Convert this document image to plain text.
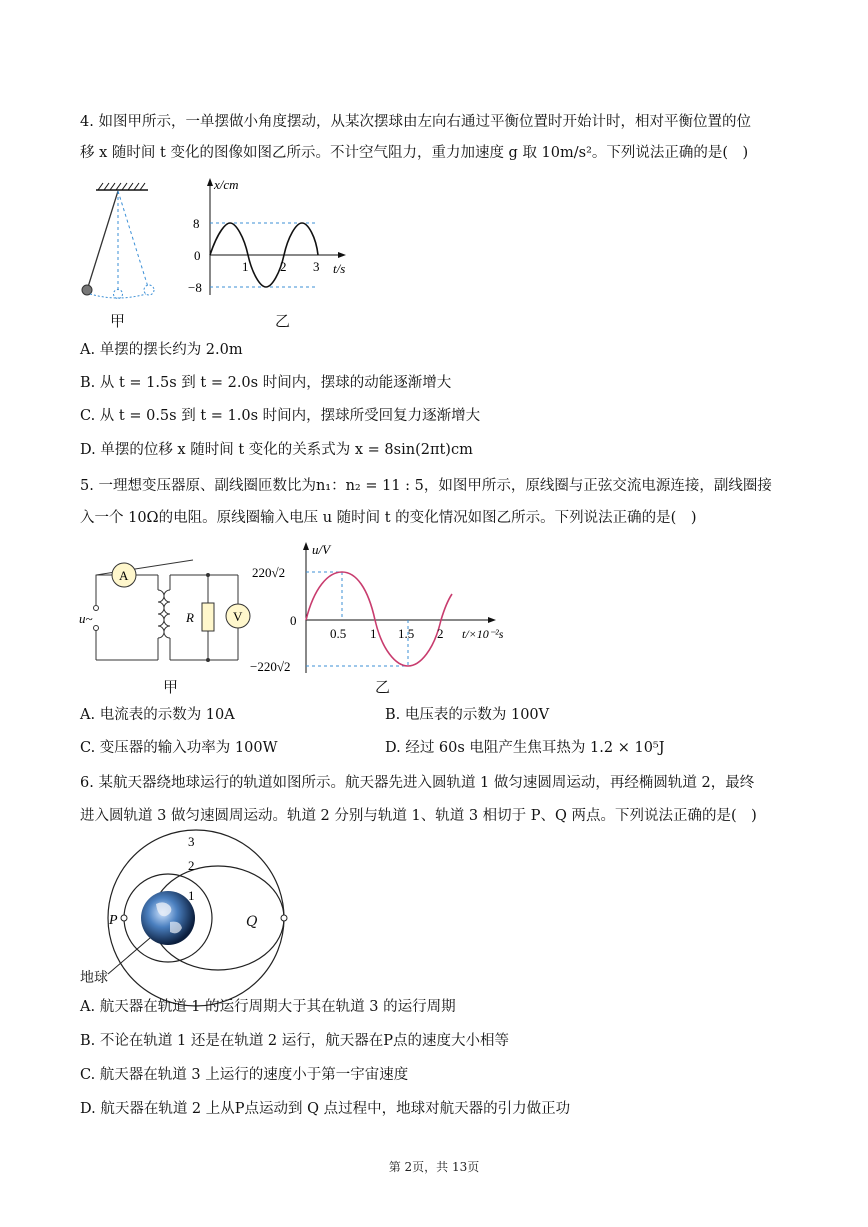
4. 如图甲所示，一单摆做小角度摆动，从某次摆球由左向右通过平衡位置时开始计时，相对平衡位置的位
移 x 随时间 t 变化的图像如图乙所示。不计空气阻力，重力加速度 g 取 10m/s²。下列说法正确的是(　)
甲
x/cm
t/s
8
0
−8
1 2 3
乙
A. 单摆的摆长约为 2.0m
B. 从 t = 1.5s 到 t = 2.0s 时间内，摆球的动能逐渐增大
C. 从 t = 0.5s 到 t = 1.0s 时间内，摆球所受回复力逐渐增大
D. 单摆的位移 x 随时间 t 变化的关系式为 x = 8sin(2πt)cm
5. 一理想变压器原、副线圈匝数比为n₁：n₂ = 11 : 5，如图甲所示，原线圈与正弦交流电源连接，副线圈接
入一个 10Ω的电阻。原线圈输入电压 u 随时间 t 的变化情况如图乙所示。下列说法正确的是(　)
A
u~	R	V
甲
u/V
t/×10⁻²s
220√2
0
−220√2
0.5 1 1.5 2
乙
A. 电流表的示数为 10A	B. 电压表的示数为 100V
C. 变压器的输入功率为 100W	D. 经过 60s 电阻产生焦耳热为 1.2 × 10⁵J
6. 某航天器绕地球运行的轨道如图所示。航天器先进入圆轨道 1 做匀速圆周运动，再经椭圆轨道 2，最终
进入圆轨道 3 做匀速圆周运动。轨道 2 分别与轨道 1、轨道 3 相切于 P、Q 两点。下列说法正确的是(　)
3
2
1
P	Q
地球
A. 航天器在轨道 1 的运行周期大于其在轨道 3 的运行周期
B. 不论在轨道 1 还是在轨道 2 运行，航天器在P点的速度大小相等
C. 航天器在轨道 3 上运行的速度小于第一宇宙速度
D. 航天器在轨道 2 上从P点运动到 Q 点过程中，地球对航天器的引力做正功
第 2页，共 13页
